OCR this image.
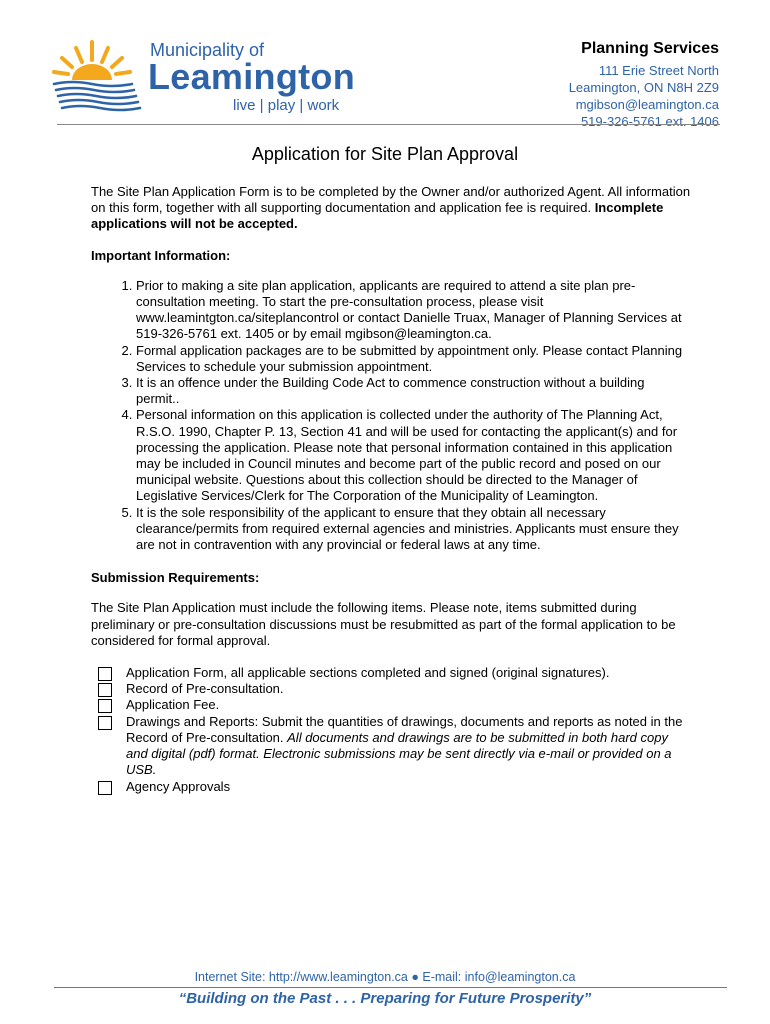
Municipality of
Leamington
live | play | work
Planning Services
111 Erie Street North
Leamington, ON N8H 2Z9
mgibson@leamington.ca
519-326-5761 ext. 1406
Application for Site Plan Approval

The Site Plan Application Form is to be completed by the Owner and/or authorized Agent. All information on this form, together with all supporting documentation and application fee is required. Incomplete applications will not be accepted.

Important Information:

1. Prior to making a site plan application, applicants are required to attend a site plan pre-consultation meeting. To start the pre-consultation process, please visit www.leamintgton.ca/siteplancontrol or contact Danielle Truax, Manager of Planning Services at 519-326-5761 ext. 1405 or by email mgibson@leamington.ca.
2. Formal application packages are to be submitted by appointment only. Please contact Planning Services to schedule your submission appointment.
3. It is an offence under the Building Code Act to commence construction without a building permit..
4. Personal information on this application is collected under the authority of The Planning Act, R.S.O. 1990, Chapter P. 13, Section 41 and will be used for contacting the applicant(s) and for processing the application. Please note that personal information contained in this application may be included in Council minutes and become part of the public record and posed on our municipal website. Questions about this collection should be directed to the Manager of Legislative Services/Clerk for The Corporation of the Municipality of Leamington.
5. It is the sole responsibility of the applicant to ensure that they obtain all necessary clearance/permits from required external agencies and ministries. Applicants must ensure they are not in contravention with any provincial or federal laws at any time.

Submission Requirements:

The Site Plan Application must include the following items. Please note, items submitted during preliminary or pre-consultation discussions must be resubmitted as part of the formal application to be considered for formal approval.

Application Form, all applicable sections completed and signed (original signatures).
Record of Pre-consultation.
Application Fee.
Drawings and Reports: Submit the quantities of drawings, documents and reports as noted in the Record of Pre-consultation. All documents and drawings are to be submitted in both hard copy and digital (pdf) format. Electronic submissions may be sent directly via e-mail or provided on a USB.
Agency Approvals
Internet Site: http://www.leamington.ca ● E-mail: info@leamington.ca
“Building on the Past . . . Preparing for Future Prosperity”
